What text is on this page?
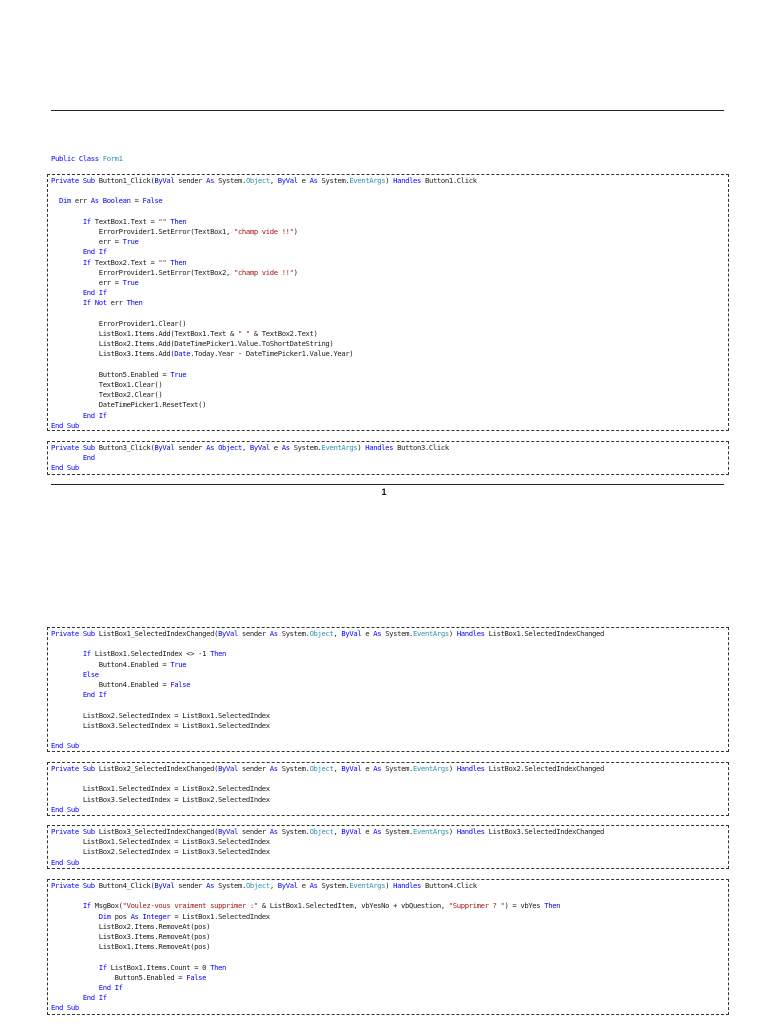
Public Class Form1
1
Private Sub Button1_Click(ByVal sender As System.Object, ByVal e As System.EventArgs) Handles Button1.Click
Dim err As Boolean = False
If TextBox1.Text = "" Then
ErrorProvider1.SetError(TextBox1, "champ vide !!")
err = True
End If
If TextBox2.Text = "" Then
ErrorProvider1.SetError(TextBox2, "champ vide !!")
err = True
End If
If Not err Then
ErrorProvider1.Clear()
ListBox1.Items.Add(TextBox1.Text & " " & TextBox2.Text)
ListBox2.Items.Add(DateTimePicker1.Value.ToShortDateString)
ListBox3.Items.Add(Date.Today.Year - DateTimePicker1.Value.Year)
Button5.Enabled = True
TextBox1.Clear()
TextBox2.Clear()
DateTimePicker1.ResetText()
End If
End Sub
Private Sub Button3_Click(ByVal sender As Object, ByVal e As System.EventArgs) Handles Button3.Click
End
End Sub
Private Sub ListBox1_SelectedIndexChanged(ByVal sender As System.Object, ByVal e As System.EventArgs) Handles ListBox1.SelectedIndexChanged
If ListBox1.SelectedIndex <> -1 Then
Button4.Enabled = True
Else
Button4.Enabled = False
End If
ListBox2.SelectedIndex = ListBox1.SelectedIndex
ListBox3.SelectedIndex = ListBox1.SelectedIndex
End Sub
Private Sub ListBox2_SelectedIndexChanged(ByVal sender As System.Object, ByVal e As System.EventArgs) Handles ListBox2.SelectedIndexChanged
ListBox1.SelectedIndex = ListBox2.SelectedIndex
ListBox3.SelectedIndex = ListBox2.SelectedIndex
End Sub
Private Sub ListBox3_SelectedIndexChanged(ByVal sender As System.Object, ByVal e As System.EventArgs) Handles ListBox3.SelectedIndexChanged
ListBox1.SelectedIndex = ListBox3.SelectedIndex
ListBox2.SelectedIndex = ListBox3.SelectedIndex
End Sub
Private Sub Button4_Click(ByVal sender As System.Object, ByVal e As System.EventArgs) Handles Button4.Click
If MsgBox("Voulez-vous vraiment supprimer :" & ListBox1.SelectedItem, vbYesNo + vbQuestion, "Supprimer ? ") = vbYes Then
Dim pos As Integer = ListBox1.SelectedIndex
ListBox2.Items.RemoveAt(pos)
ListBox3.Items.RemoveAt(pos)
ListBox1.Items.RemoveAt(pos)
If ListBox1.Items.Count = 0 Then
Button5.Enabled = False
End If
End If
End Sub
